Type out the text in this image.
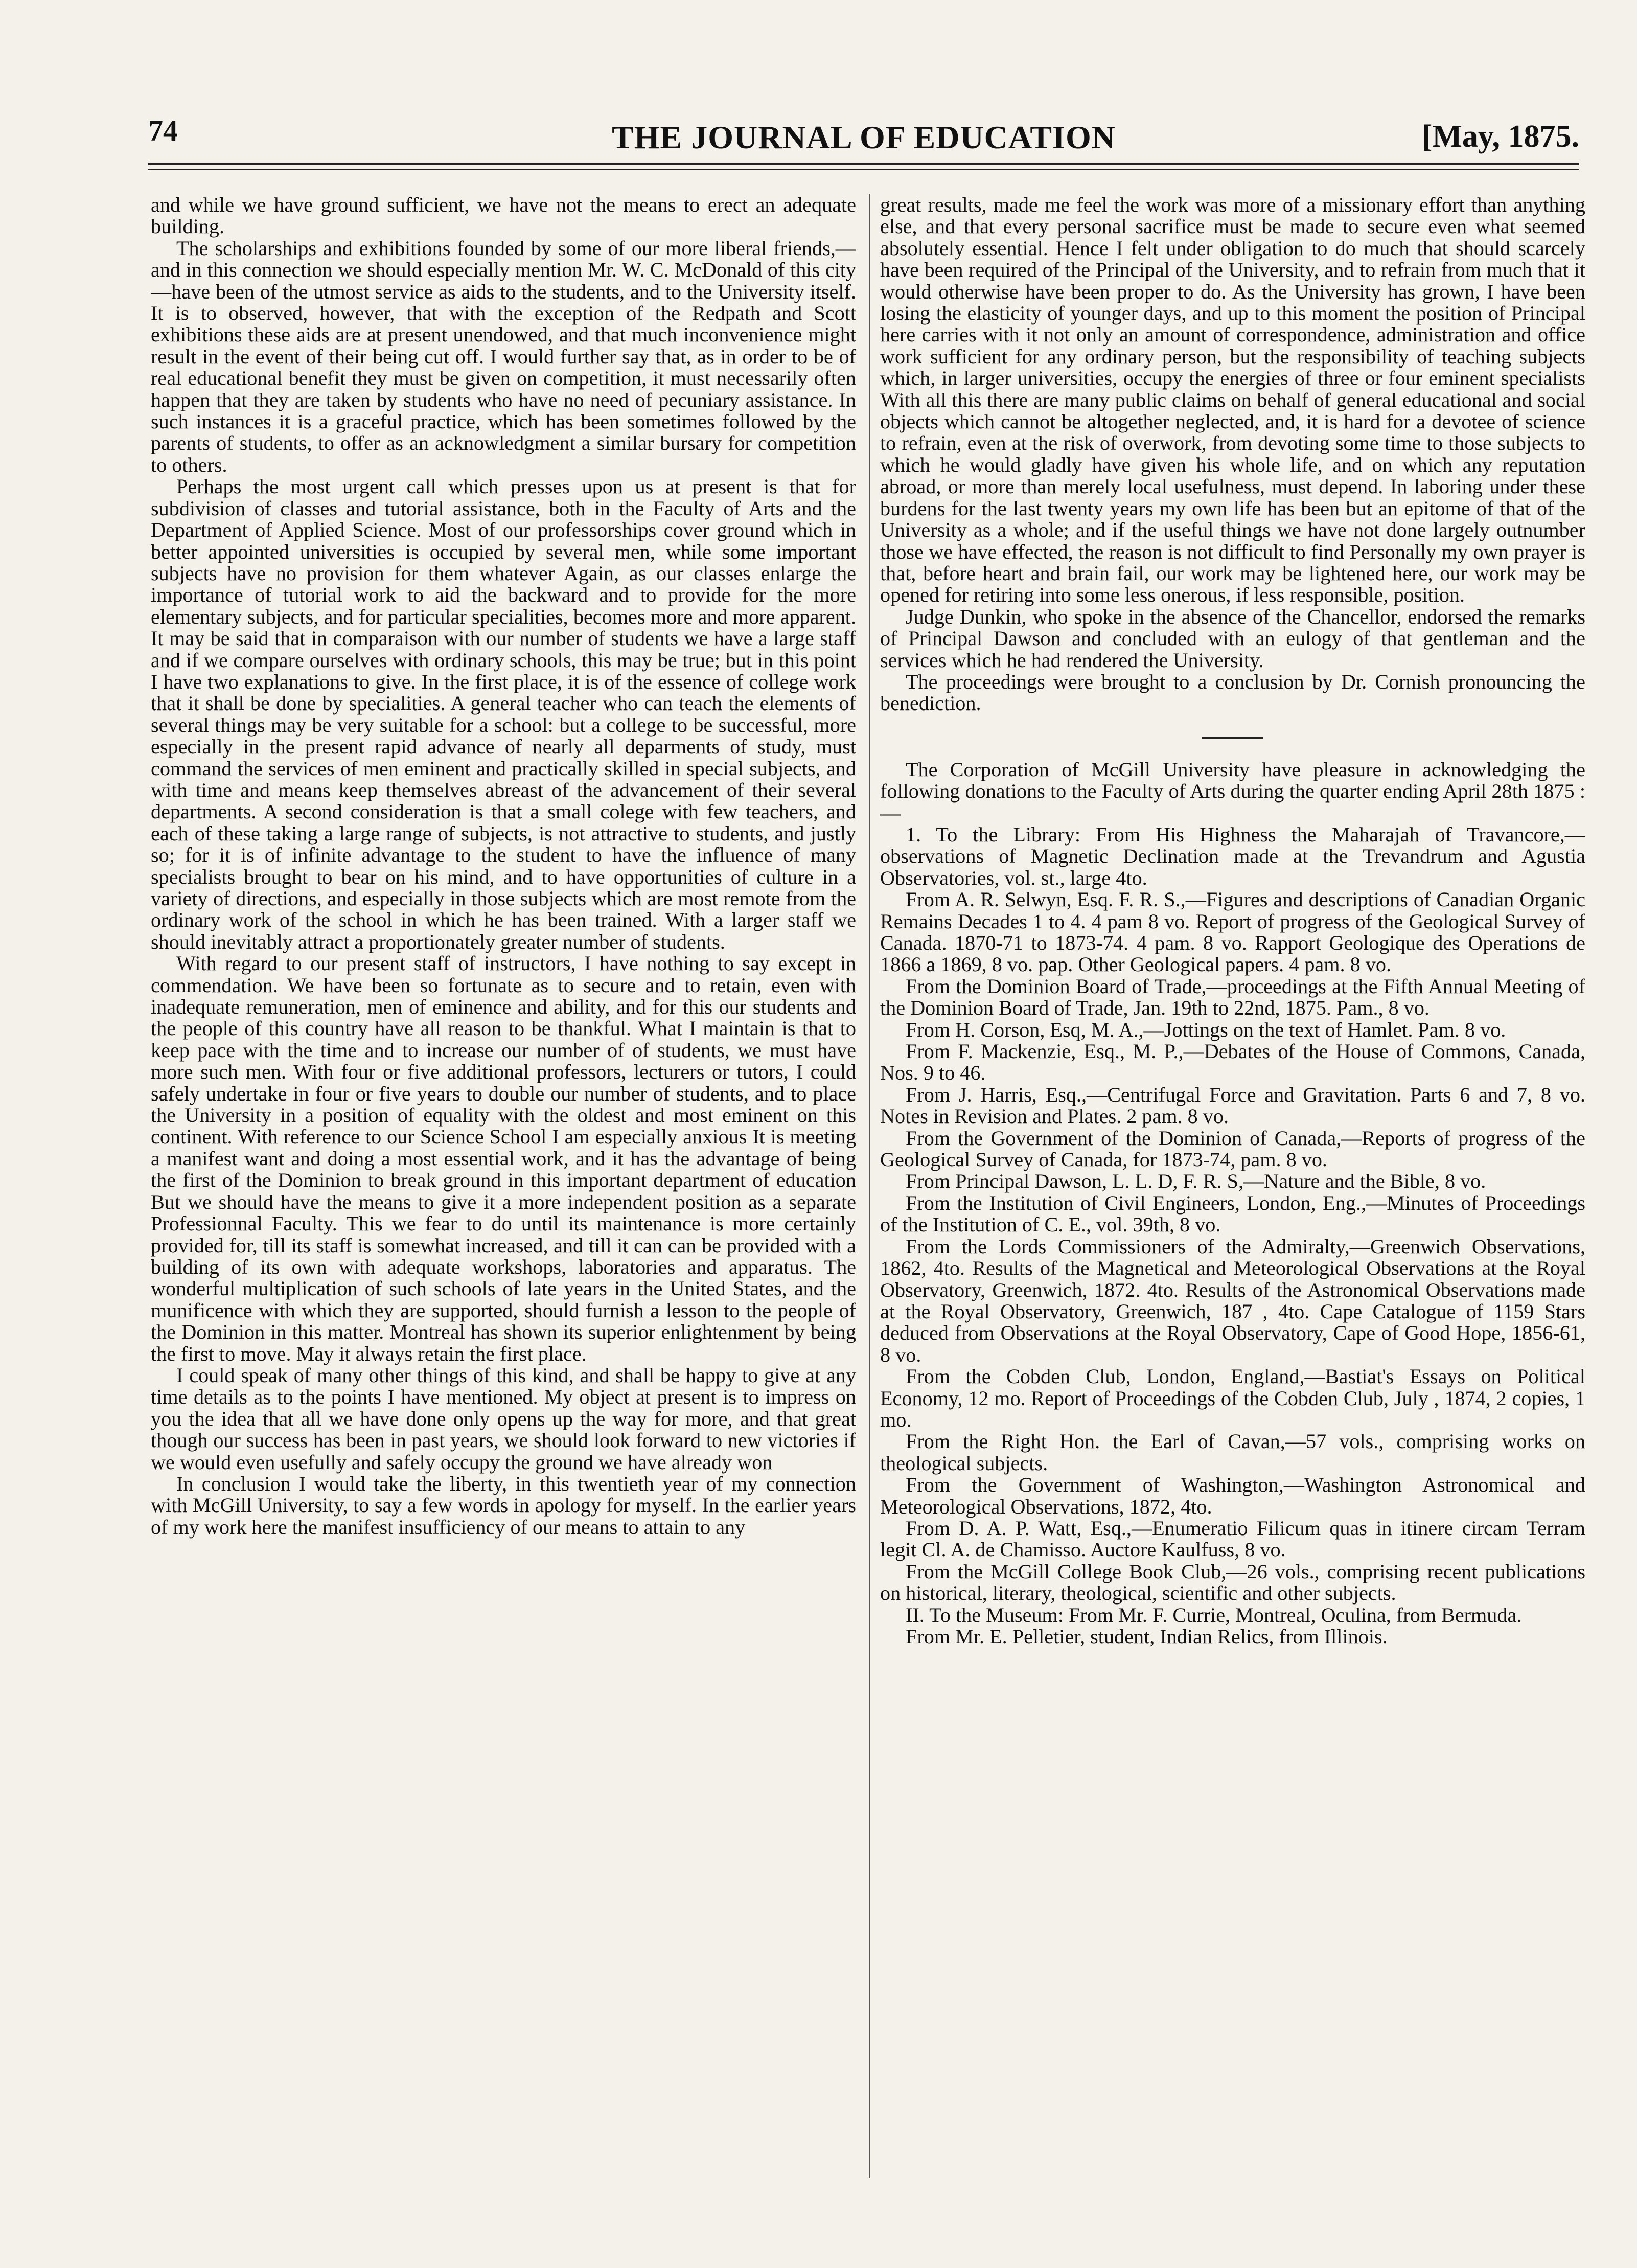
74	THE JOURNAL OF EDUCATION	[May, 1875.

and while we have ground sufficient, we have not the means to erect an adequate building.

The scholarships and exhibitions founded by some of our more liberal friends,—and in this connection we should especially mention Mr. W. C. McDonald of this city—have been of the utmost service as aids to the students, and to the University itself. It is to observed, however, that with the exception of the Redpath and Scott exhibitions these aids are at present unendowed, and that much inconvenience might result in the event of their being cut off. I would further say that, as in order to be of real educational benefit they must be given on competition, it must necessarily often happen that they are taken by students who have no need of pecuniary assistance. In such instances it is a graceful practice, which has been sometimes followed by the parents of students, to offer as an acknowledgment a similar bursary for competition to others.

Perhaps the most urgent call which presses upon us at present is that for subdivision of classes and tutorial assistance, both in the Faculty of Arts and the Department of Applied Science. Most of our professorships cover ground which in better appointed universities is occupied by several men, while some important subjects have no provision for them whatever Again, as our classes enlarge the importance of tutorial work to aid the backward and to provide for the more elementary subjects, and for particular specialities, becomes more and more apparent. It may be said that in comparaison with our number of students we have a large staff and if we compare ourselves with ordinary schools, this may be true; but in this point I have two explanations to give. In the first place, it is of the essence of college work that it shall be done by specialities. A general teacher who can teach the elements of several things may be very suitable for a school: but a college to be successful, more especially in the present rapid advance of nearly all deparments of study, must command the services of men eminent and practically skilled in special subjects, and with time and means keep themselves abreast of the advancement of their several departments. A second consideration is that a small colege with few teachers, and each of these taking a large range of subjects, is not attractive to students, and justly so; for it is of infinite advantage to the student to have the influence of many specialists brought to bear on his mind, and to have opportunities of culture in a variety of directions, and especially in those subjects which are most remote from the ordinary work of the school in which he has been trained. With a larger staff we should inevitably attract a proportionately greater number of students.

With regard to our present staff of instructors, I have nothing to say except in commendation. We have been so fortunate as to secure and to retain, even with inadequate remuneration, men of eminence and ability, and for this our students and the people of this country have all reason to be thankful. What I maintain is that to keep pace with the time and to increase our number of of students, we must have more such men. With four or five additional professors, lecturers or tutors, I could safely undertake in four or five years to double our number of students, and to place the University in a position of equality with the oldest and most eminent on this continent. With reference to our Science School I am especially anxious It is meeting a manifest want and doing a most essential work, and it has the advantage of being the first of the Dominion to break ground in this important department of education But we should have the means to give it a more independent position as a separate Professionnal Faculty. This we fear to do until its maintenance is more certainly provided for, till its staff is somewhat increased, and till it can can be provided with a building of its own with adequate workshops, laboratories and apparatus. The wonderful multiplication of such schools of late years in the United States, and the munificence with which they are supported, should furnish a lesson to the people of the Dominion in this matter. Montreal has shown its superior enlightenment by being the first to move. May it always retain the first place.

I could speak of many other things of this kind, and shall be happy to give at any time details as to the points I have mentioned. My object at present is to impress on you the idea that all we have done only opens up the way for more, and that great though our success has been in past years, we should look forward to new victories if we would even usefully and safely occupy the ground we have already won

In conclusion I would take the liberty, in this twentieth year of my connection with McGill University, to say a few words in apology for myself. In the earlier years of my work here the manifest insufficiency of our means to attain to any

great results, made me feel the work was more of a missionary effort than anything else, and that every personal sacrifice must be made to secure even what seemed absolutely essential. Hence I felt under obligation to do much that should scarcely have been required of the Principal of the University, and to refrain from much that it would otherwise have been proper to do. As the University has grown, I have been losing the elasticity of younger days, and up to this moment the position of Principal here carries with it not only an amount of correspondence, administration and office work sufficient for any ordinary person, but the responsibility of teaching subjects which, in larger universities, occupy the energies of three or four eminent specialists With all this there are many public claims on behalf of general educational and social objects which cannot be altogether neglected, and, it is hard for a devotee of science to refrain, even at the risk of overwork, from devoting some time to those subjects to which he would gladly have given his whole life, and on which any reputation abroad, or more than merely local usefulness, must depend. In laboring under these burdens for the last twenty years my own life has been but an epitome of that of the University as a whole; and if the useful things we have not done largely outnumber those we have effected, the reason is not difficult to find Personally my own prayer is that, before heart and brain fail, our work may be lightened here, our work may be opened for retiring into some less onerous, if less responsible, position.

Judge Dunkin, who spoke in the absence of the Chancellor, endorsed the remarks of Principal Dawson and concluded with an eulogy of that gentleman and the services which he had rendered the University.

The proceedings were brought to a conclusion by Dr. Cornish pronouncing the benediction.

The Corporation of McGill University have pleasure in acknowledging the following donations to the Faculty of Arts during the quarter ending April 28th 1875 :—

1. To the Library: From His Highness the Maharajah of Travancore,—observations of Magnetic Declination made at the Trevandrum and Agustia Observatories, vol. st., large 4to.

From A. R. Selwyn, Esq. F. R. S.,—Figures and descriptions of Canadian Organic Remains Decades 1 to 4. 4 pam 8 vo. Report of progress of the Geological Survey of Canada. 1870-71 to 1873-74. 4 pam. 8 vo. Rapport Geologique des Operations de 1866 a 1869, 8 vo. pap. Other Geological papers. 4 pam. 8 vo.

From the Dominion Board of Trade,—proceedings at the Fifth Annual Meeting of the Dominion Board of Trade, Jan. 19th to 22nd, 1875. Pam., 8 vo.

From H. Corson, Esq, M. A.,—Jottings on the text of Hamlet. Pam. 8 vo.

From F. Mackenzie, Esq., M. P.,—Debates of the House of Commons, Canada, Nos. 9 to 46.

From J. Harris, Esq.,—Centrifugal Force and Gravitation. Parts 6 and 7, 8 vo. Notes in Revision and Plates. 2 pam. 8 vo.

From the Government of the Dominion of Canada,—Reports of progress of the Geological Survey of Canada, for 1873-74, pam. 8 vo.

From Principal Dawson, L. L. D, F. R. S,—Nature and the Bible, 8 vo.

From the Institution of Civil Engineers, London, Eng.,—Minutes of Proceedings of the Institution of C. E., vol. 39th, 8 vo.

From the Lords Commissioners of the Admiralty,—Greenwich Observations, 1862, 4to. Results of the Magnetical and Meteorological Observations at the Royal Observatory, Greenwich, 1872. 4to. Results of the Astronomical Observations made at the Royal Observatory, Greenwich, 187 , 4to. Cape Catalogue of 1159 Stars deduced from Observations at the Royal Observatory, Cape of Good Hope, 1856-61, 8 vo.

From the Cobden Club, London, England,—Bastiat's Essays on Political Economy, 12 mo. Report of Proceedings of the Cobden Club, July , 1874, 2 copies, 1 mo.

From the Right Hon. the Earl of Cavan,—57 vols., comprising works on theological subjects.

From the Government of Washington,—Washington Astronomical and Meteorological Observations, 1872, 4to.

From D. A. P. Watt, Esq.,—Enumeratio Filicum quas in itinere circam Terram legit Cl. A. de Chamisso. Auctore Kaulfuss, 8 vo.

From the McGill College Book Club,—26 vols., comprising recent publications on historical, literary, theological, scientific and other subjects.

II. To the Museum: From Mr. F. Currie, Montreal, Oculina, from Bermuda.

From Mr. E. Pelletier, student, Indian Relics, from Illinois.
